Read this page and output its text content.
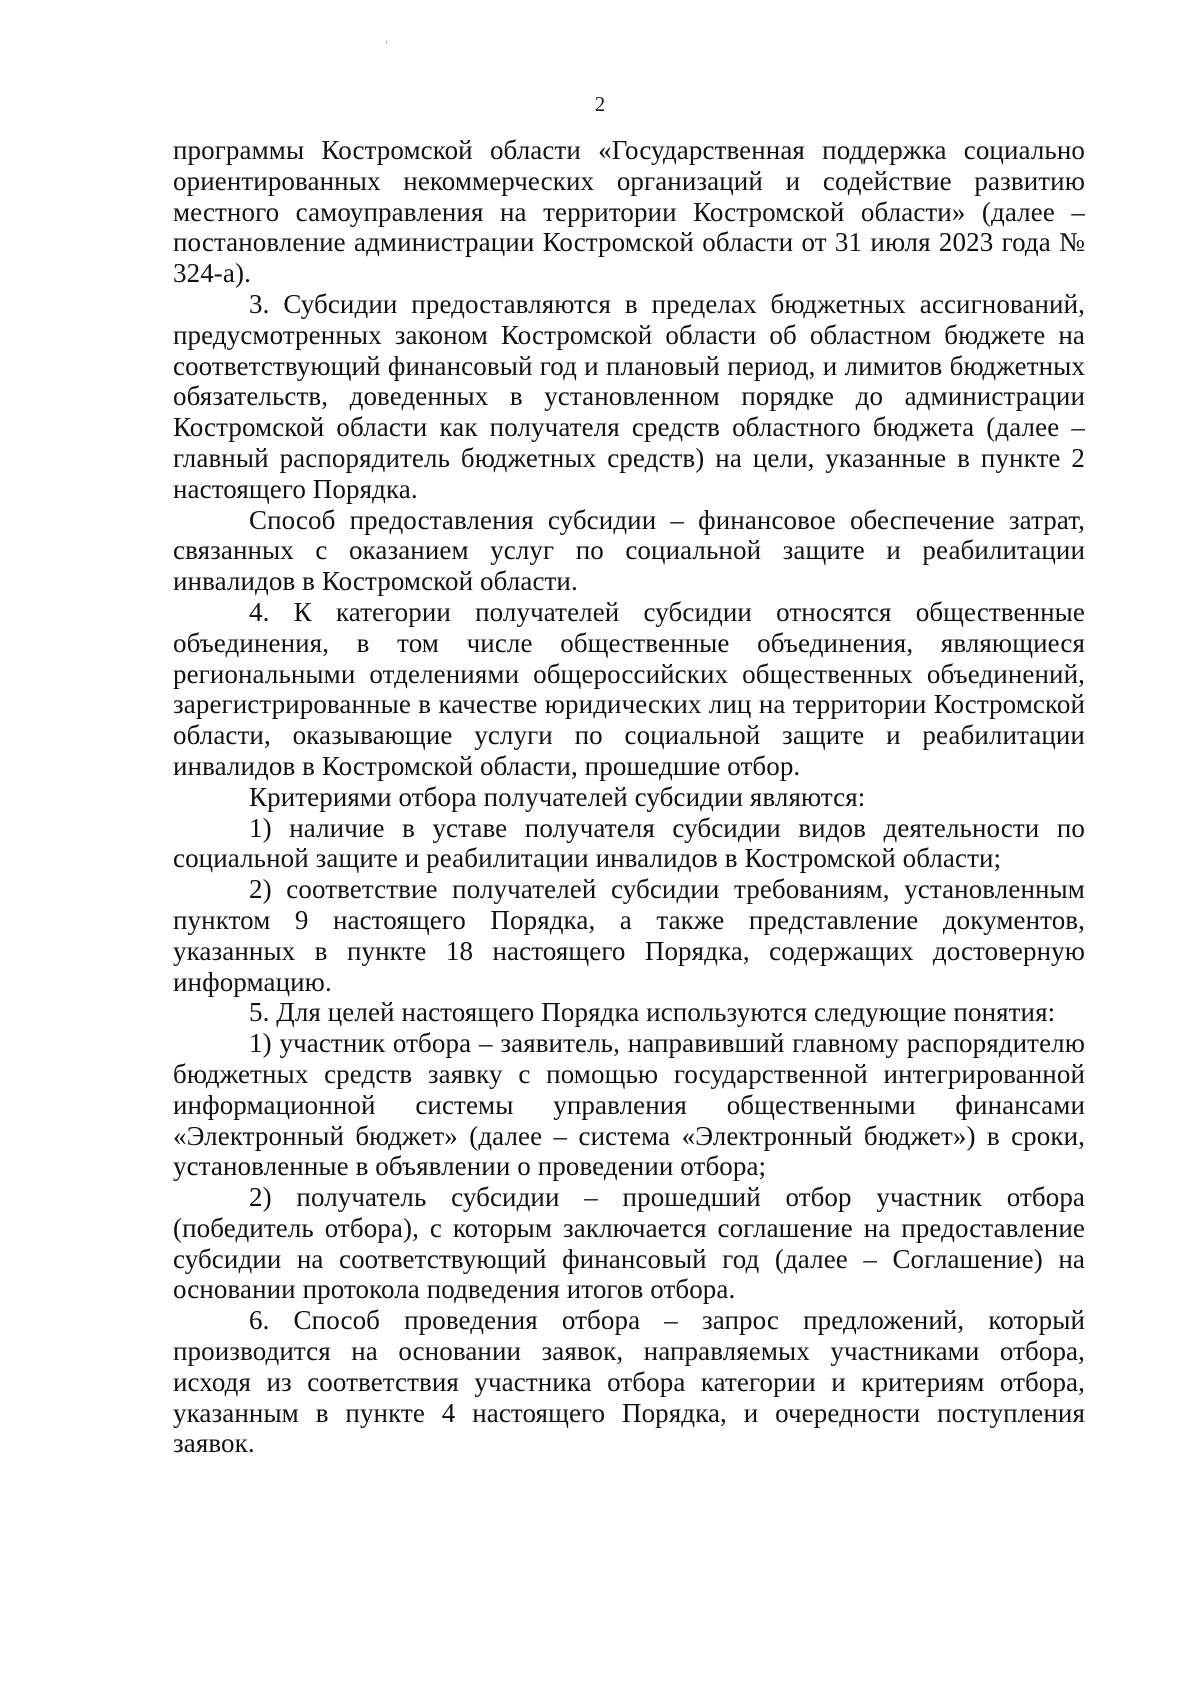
2

программы Костромской области «Государственная поддержка социально ориентированных некоммерческих организаций и содействие развитию местного самоуправления на территории Костромской области» (далее – постановление администрации Костромской области от 31 июля 2023 года № 324-а).

3. Субсидии предоставляются в пределах бюджетных ассигнований, предусмотренных законом Костромской области об областном бюджете на соответствующий финансовый год и плановый период, и лимитов бюджетных обязательств, доведенных в установленном порядке до администрации Костромской области как получателя средств областного бюджета (далее – главный распорядитель бюджетных средств) на цели, указанные в пункте 2 настоящего Порядка.

Способ предоставления субсидии – финансовое обеспечение затрат, связанных с оказанием услуг по социальной защите и реабилитации инвалидов в Костромской области.

4. К категории получателей субсидии относятся общественные объединения, в том числе общественные объединения, являющиеся региональными отделениями общероссийских общественных объединений, зарегистрированные в качестве юридических лиц на территории Костромской области, оказывающие услуги по социальной защите и реабилитации инвалидов в Костромской области, прошедшие отбор.

Критериями отбора получателей субсидии являются:

1) наличие в уставе получателя субсидии видов деятельности по социальной защите и реабилитации инвалидов в Костромской области;

2) соответствие получателей субсидии требованиям, установленным пунктом 9 настоящего Порядка, а также представление документов, указанных в пункте 18 настоящего Порядка, содержащих достоверную информацию.

5. Для целей настоящего Порядка используются следующие понятия:

1) участник отбора – заявитель, направивший главному распорядителю бюджетных средств заявку с помощью государственной интегрированной информационной системы управления общественными финансами «Электронный бюджет» (далее – система «Электронный бюджет») в сроки, установленные в объявлении о проведении отбора;

2) получатель субсидии – прошедший отбор участник отбора (победитель отбора), с которым заключается соглашение на предоставление субсидии на соответствующий финансовый год (далее – Соглашение) на основании протокола подведения итогов отбора.

6. Способ проведения отбора – запрос предложений, который производится на основании заявок, направляемых участниками отбора, исходя из соответствия участника отбора категории и критериям отбора, указанным в пункте 4 настоящего Порядка, и очередности поступления заявок.
